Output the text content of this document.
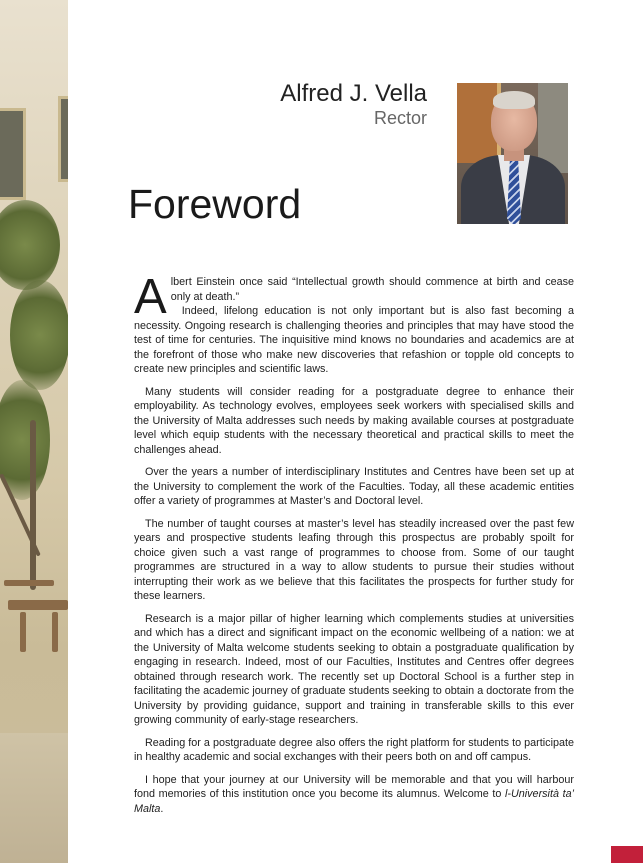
Alfred J. Vella
Rector
Foreword

Albert Einstein once said “Intellectual growth should commence at birth and cease only at death.”
Indeed, lifelong education is not only important but is also fast becoming a necessity. Ongoing research is challenging theories and principles that may have stood the test of time for centuries. The inquisitive mind knows no boundaries and academics are at the forefront of those who make new discoveries that refashion or topple old concepts to create new principles and scientific laws.

Many students will consider reading for a postgraduate degree to enhance their employability. As technology evolves, employees seek workers with specialised skills and the University of Malta addresses such needs by making available courses at postgraduate level which equip students with the necessary theoretical and practical skills to meet the challenges ahead.

Over the years a number of interdisciplinary Institutes and Centres have been set up at the University to complement the work of the Faculties. Today, all these academic entities offer a variety of programmes at Master’s and Doctoral level.

The number of taught courses at master’s level has steadily increased over the past few years and prospective students leafing through this prospectus are probably spoilt for choice given such a vast range of programmes to choose from. Some of our taught programmes are structured in a way to allow students to pursue their studies without interrupting their work as we believe that this facilitates the prospects for further study for these learners.

Research is a major pillar of higher learning which complements studies at universities and which has a direct and significant impact on the economic wellbeing of a nation: we at the University of Malta welcome students seeking to obtain a postgraduate qualification by engaging in research. Indeed, most of our Faculties, Institutes and Centres offer degrees obtained through research work. The recently set up Doctoral School is a further step in facilitating the academic journey of graduate students seeking to obtain a doctorate from the University by providing guidance, support and training in transferable skills to this ever growing community of early-stage researchers.

Reading for a postgraduate degree also offers the right platform for students to participate in healthy academic and social exchanges with their peers both on and off campus.

I hope that your journey at our University will be memorable and that you will harbour fond memories of this institution once you become its alumnus. Welcome to l-Università ta’ Malta.
